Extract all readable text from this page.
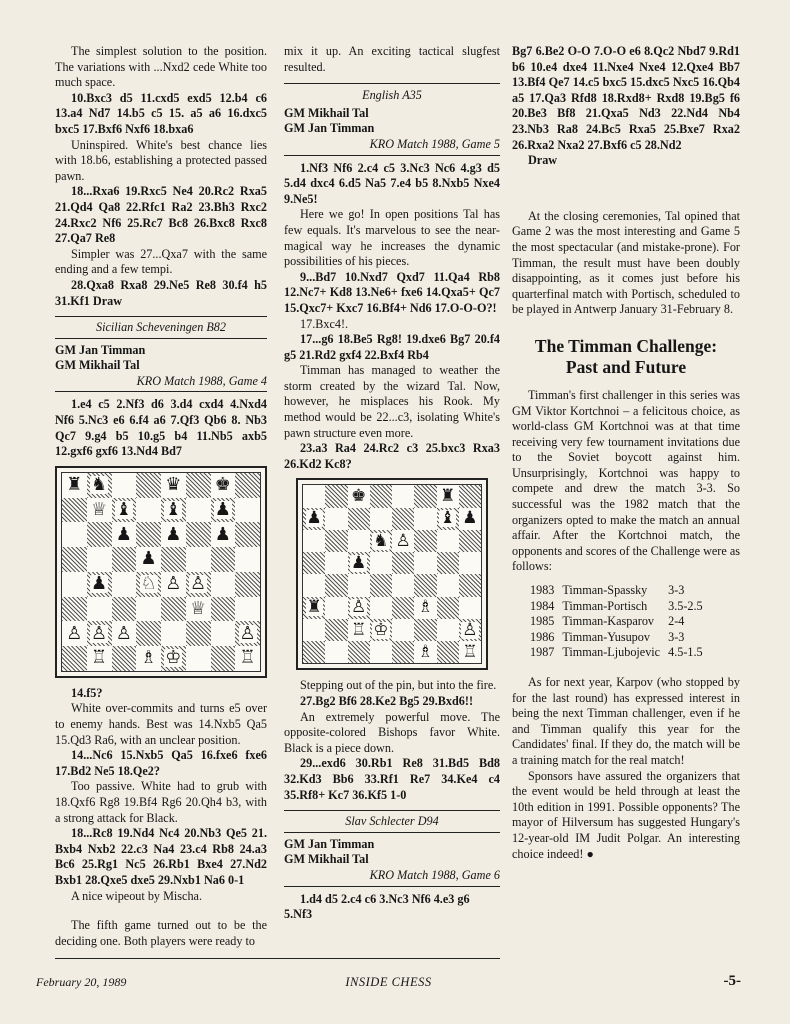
The simplest solution to the position. The variations with ...Nxd2 cede White too much space.

10.Bxc3 d5 11.cxd5 exd5 12.b4 c6 13.a4 Nd7 14.b5 c5 15. a5 a6 16.dxc5 bxc5 17.Bxf6 Nxf6 18.bxa6

Uninspired. White's best chance lies with 18.b6, establishing a protected passed pawn.

18...Rxa6 19.Rxc5 Ne4 20.Rc2 Rxa5 21.Qd4 Qa8 22.Rfc1 Ra2 23.Bh3 Rxc2 24.Rxc2 Nf6 25.Rc7 Bc8 26.Bxc8 Rxc8 27.Qa7 Re8

Simpler was 27...Qxa7 with the same ending and a few tempi.

28.Qxa8 Rxa8 29.Ne5 Re8 30.f4 h5 31.Kf1 Draw

Sicilian Scheveningen B82
GM Jan Timman
GM Mikhail Tal
KRO Match 1988, Game 4

1.e4 c5 2.Nf3 d6 3.d4 cxd4 4.Nxd4 Nf6 5.Nc3 e6 6.f4 a6 7.Qf3 Qb6 8. Nb3 Qc7 9.g4 b5 10.g5 b4 11.Nb5 axb5 12.gxf6 gxf6 13.Nd4 Bd7

♜ ♞	♛ ♚
♕ ♝ ♝ ♟
♟ ♟ ♟
♟
♟ ♘ ♙ ♙
♕
♙ ♙ ♙	♙
♖ ♗ ♔	♖

14.f5?

White over-commits and turns e5 over to enemy hands. Best was 14.Nxb5 Qa5 15.Qd3 Ra6, with an unclear position.

14...Nc6 15.Nxb5 Qa5 16.fxe6 fxe6 17.Bd2 Ne5 18.Qe2?

Too passive. White had to grub with 18.Qxf6 Rg8 19.Bf4 Rg6 20.Qh4 b3, with a strong attack for Black.

18...Rc8 19.Nd4 Nc4 20.Nb3 Qe5 21. Bxb4 Nxb2 22.c3 Na4 23.c4 Rb8 24.a3 Bc6 25.Rg1 Nc5 26.Rb1 Bxe4 27.Nd2 Bxb1 28.Qxe5 dxe5 29.Nxb1 Na6 0-1

A nice wipeout by Mischa.

The fifth game turned out to be the deciding one. Both players were ready to

mix it up. An exciting tactical slugfest resulted.

English A35
GM Mikhail Tal
GM Jan Timman
KRO Match 1988, Game 5

1.Nf3 Nf6 2.c4 c5 3.Nc3 Nc6 4.g3 d5 5.d4 dxc4 6.d5 Na5 7.e4 b5 8.Nxb5 Nxe4 9.Ne5!

Here we go! In open positions Tal has few equals. It's marvelous to see the near-magical way he increases the dynamic possibilities of his pieces.

9...Bd7 10.Nxd7 Qxd7 11.Qa4 Rb8 12.Nc7+ Kd8 13.Ne6+ fxe6 14.Qxa5+ Qc7 15.Qxc7+ Kxc7 16.Bf4+ Nd6 17.O-O-O?!

17.Bxc4!.

17...g6 18.Be5 Rg8! 19.dxe6 Bg7 20.f4 g5 21.Rd2 gxf4 22.Bxf4 Rb4

Timman has managed to weather the storm created by the wizard Tal. Now, however, he misplaces his Rook. My method would be 22...c3, isolating White's pawn structure even more.

23.a3 Ra4 24.Rc2 c3 25.bxc3 Rxa3 26.Kd2 Kc8?

♚	♜
♟	♝ ♟
♞ ♙
♟
♜ ♙	♗
♖ ♔	♙
♗ ♖

Stepping out of the pin, but into the fire.

27.Bg2 Bf6 28.Ke2 Bg5 29.Bxd6!!

An extremely powerful move. The opposite-colored Bishops favor White. Black is a piece down.

29...exd6 30.Rb1 Re8 31.Bd5 Bd8 32.Kd3 Bb6 33.Rf1 Re7 34.Ke4 c4 35.Rf8+ Kc7 36.Kf5 1-0

Slav Schlecter D94
GM Jan Timman
GM Mikhail Tal
KRO Match 1988, Game 6

1.d4 d5 2.c4 c6 3.Nc3 Nf6 4.e3 g6 5.Nf3

Bg7 6.Be2 O-O 7.O-O e6 8.Qc2 Nbd7 9.Rd1 b6 10.e4 dxe4 11.Nxe4 Nxe4 12.Qxe4 Bb7 13.Bf4 Qe7 14.c5 bxc5 15.dxc5 Nxc5 16.Qb4 a5 17.Qa3 Rfd8 18.Rxd8+ Rxd8 19.Bg5 f6 20.Be3 Bf8 21.Qxa5 Nd3 22.Nd4 Nb4 23.Nb3 Ra8 24.Bc5 Rxa5 25.Bxe7 Rxa2 26.Rxa2 Nxa2 27.Bxf6 c5 28.Nd2

Draw

At the closing ceremonies, Tal opined that Game 2 was the most interesting and Game 5 the most spectacular (and mistake-prone). For Timman, the result must have been doubly disappointing, as it comes just before his quarterfinal match with Portisch, scheduled to be played in Antwerp January 31-February 8.

The Timman Challenge:
Past and Future

Timman's first challenger in this series was GM Viktor Kortchnoi – a felicitous choice, as world-class GM Kortchnoi was at that time receiving very few tournament invitations due to the Soviet boycott against him. Unsurprisingly, Kortchnoi was happy to compete and drew the match 3-3. So successful was the 1982 match that the organizers opted to make the match an annual affair. After the Kortchnoi match, the opponents and scores of the Challenge were as follows:

1983	Timman-Spassky	3-3
1984	Timman-Portisch	3.5-2.5
1985	Timman-Kasparov	2-4
1986	Timman-Yusupov	3-3
1987	Timman-Ljubojevic	4.5-1.5

As for next year, Karpov (who stopped by for the last round) has expressed interest in being the next Timman challenger, even if he and Timman qualify this year for the Candidates' final. If they do, the match will be a training match for the real match!

Sponsors have assured the organizers that the event would be held through at least the 10th edition in 1991. Possible opponents? The mayor of Hilversum has suggested Hungary's 12-year-old IM Judit Polgar. An interesting choice indeed! ●

February 20, 1989	INSIDE CHESS	-5-
